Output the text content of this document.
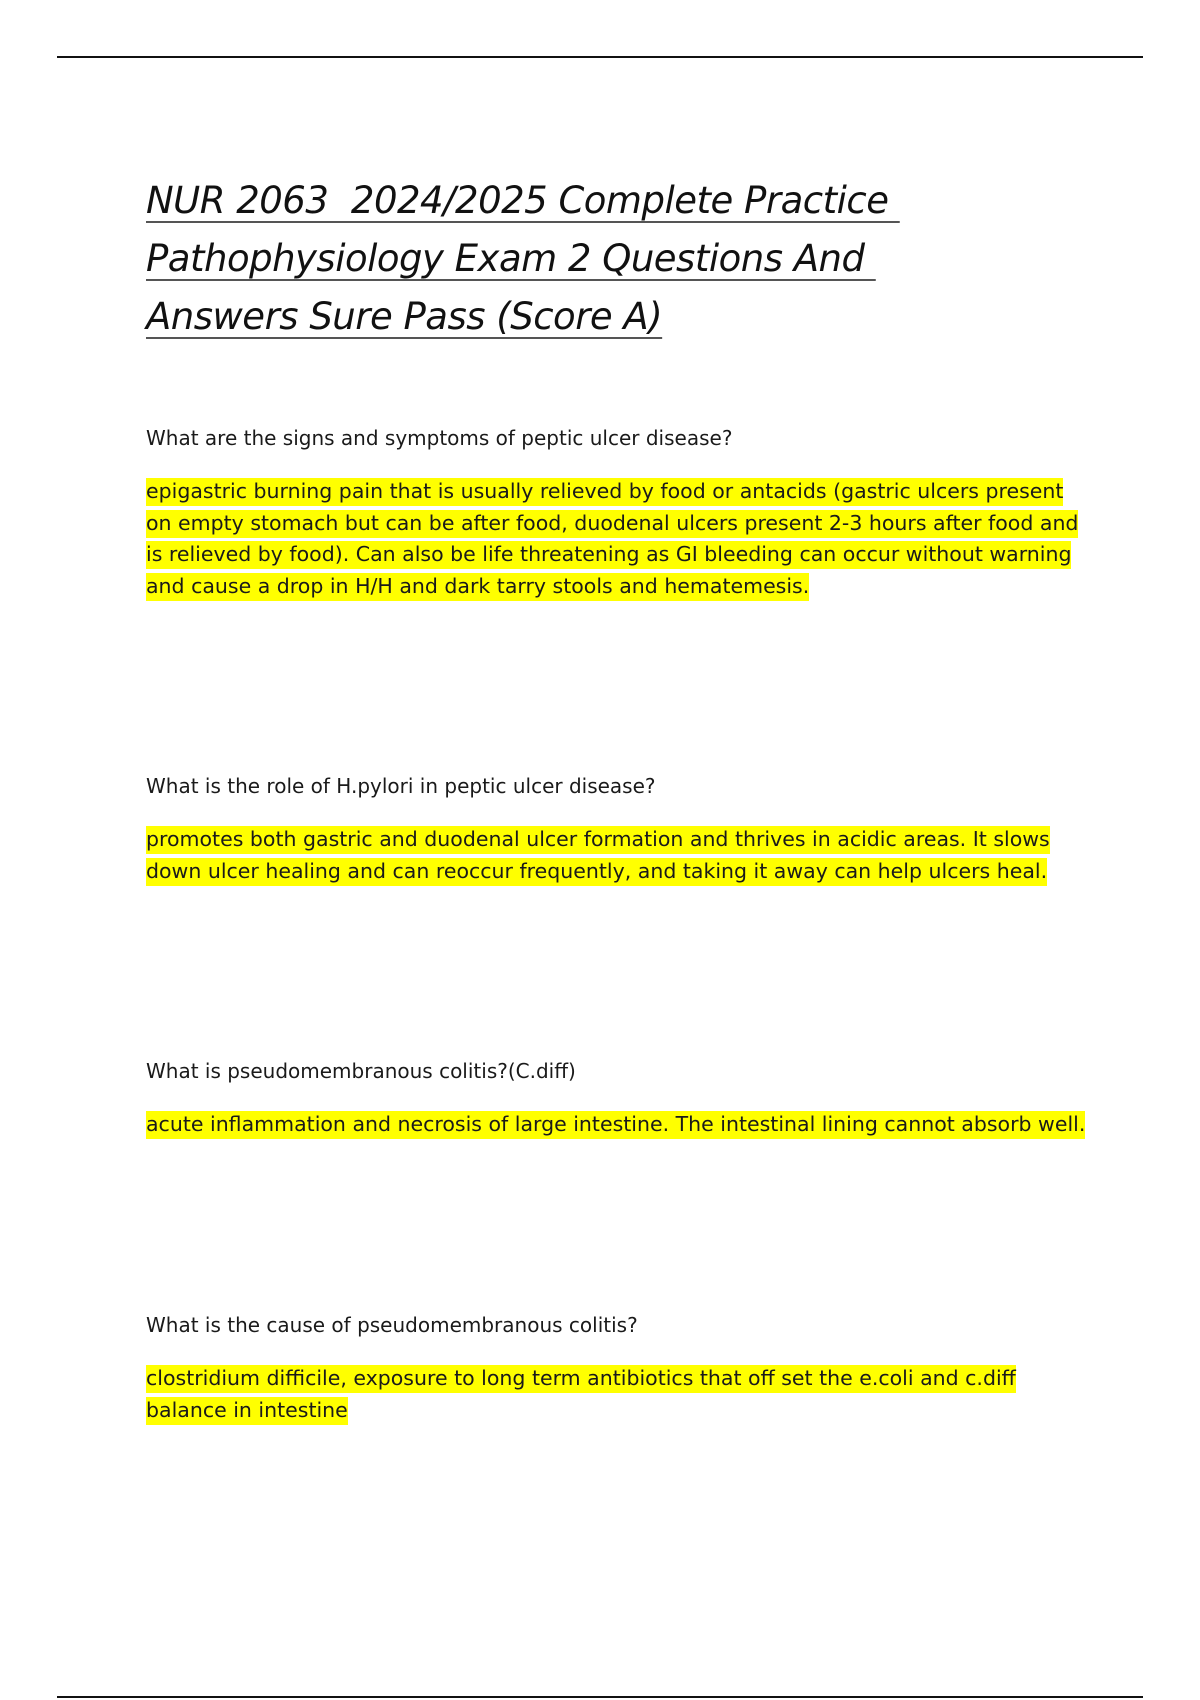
NUR 2063  2024/2025 Complete Practice Pathophysiology Exam 2 Questions And Answers Sure Pass (Score A)

What are the signs and symptoms of peptic ulcer disease?

epigastric burning pain that is usually relieved by food or antacids (gastric ulcers present on empty stomach but can be after food, duodenal ulcers present 2-3 hours after food and is relieved by food). Can also be life threatening as GI bleeding can occur without warning and cause a drop in H/H and dark tarry stools and hematemesis.

What is the role of H.pylori in peptic ulcer disease?

promotes both gastric and duodenal ulcer formation and thrives in acidic areas. It slows down ulcer healing and can reoccur frequently, and taking it away can help ulcers heal.

What is pseudomembranous colitis?(C.diff)

acute inflammation and necrosis of large intestine. The intestinal lining cannot absorb well.

What is the cause of pseudomembranous colitis?

clostridium difficile, exposure to long term antibiotics that off set the e.coli and c.diff balance in intestine
